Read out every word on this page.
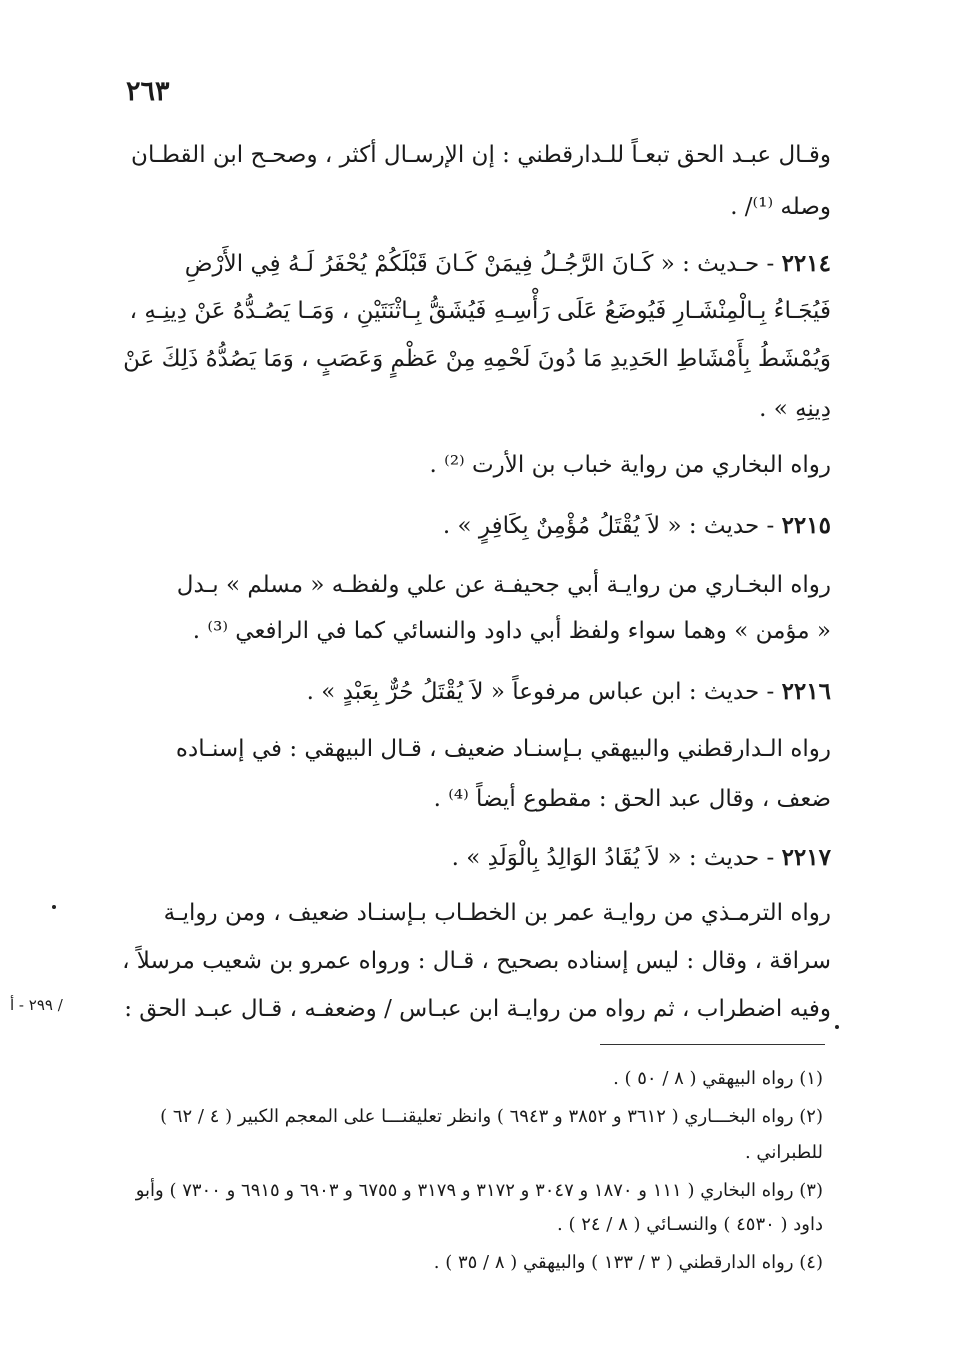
٢٦٣

وقـال عبـد الحق تبعـاً للـدارقطني : إن الإرسـال أكثر ، وصحـح ابن القطـان

وصله ⁽¹⁾/ .

٢٢١٤ - حـديث : « كَـانَ الرَّجُـلُ فِيمَنْ كَـانَ قَبْلَكُمْ يُحْفَرُ لَـهُ فِي الأَرْضِ

فَيُجَـاءُ بِـالْمِنْشَـارِ فَيُوضَعُ عَلَى رَأْسِـهِ فَيُشَقُّ بِـاثْنَتَيْنِ ، وَمَـا يَصُـدُّهُ عَنْ دِينِـهِ ،

وَيُمْشَطُ بِأَمْشَاطِ الحَدِيدِ مَا دُونَ لَحْمِهِ مِنْ عَظْمٍ وَعَصَبٍ ، وَمَا يَصُدُّهُ ذَلِكَ عَنْ

دِينِهِ » .

رواه البخاري من رواية خباب بن الأرت ⁽²⁾ .

٢٢١٥ - حديث : « لاَ يُقْتَلُ مُؤْمِنٌ بِكَافِرٍ » .

رواه البخـاري من روايـة أبي جحيفـة عن علي ولفظـه « مسلم » بـدل

« مؤمن » وهما سواء ولفظ أبي داود والنسائي كما في الرافعي ⁽³⁾ .

٢٢١٦ - حديث : ابن عباس مرفوعاً « لاَ يُقْتَلُ حُرٌّ بِعَبْدٍ » .

رواه الـدارقطني والبيهقي بـإسنـاد ضعيف ، قـال البيهقي : في إسنـاده

ضعف ، وقال عبد الحق : مقطوع أيضاً ⁽⁴⁾ .

٢٢١٧ - حديث : « لاَ يُقَادُ الوَالِدُ بِالْوَلَدِ » .

رواه الترمـذي من روايـة عمر بن الخطـاب بـإسنـاد ضعيف ، ومن روايـة

سراقة ، وقال : ليس إسناده بصحيح ، قـال : ورواه عمرو بن شعيب مرسلاً ،

وفيه اضطراب ، ثم رواه من روايـة ابن عبـاس / وضعفـه ، قـال عبـد الحق :

/ ٢٩٩ - أ

(١) رواه البيهقي ( ٨ / ٥٠ ) .

(٢) رواه البخـــاري ( ٣٦١٢ و ٣٨٥٢ و ٦٩٤٣ ) وانظر تعليقنـــا على المعجم الكبير ( ٤ / ٦٢ )

للطبراني .

(٣) رواه البخاري ( ١١١ و ١٨٧٠ و ٣٠٤٧ و ٣١٧٢ و ٣١٧٩ و ٦٧٥٥ و ٦٩٠٣ و ٦٩١٥ و ٧٣٠٠ ) وأبو

داود ( ٤٥٣٠ ) والنسـائي ( ٨ / ٢٤ ) .

(٤) رواه الدارقطني ( ٣ / ١٣٣ ) والبيهقي ( ٨ / ٣٥ ) .
